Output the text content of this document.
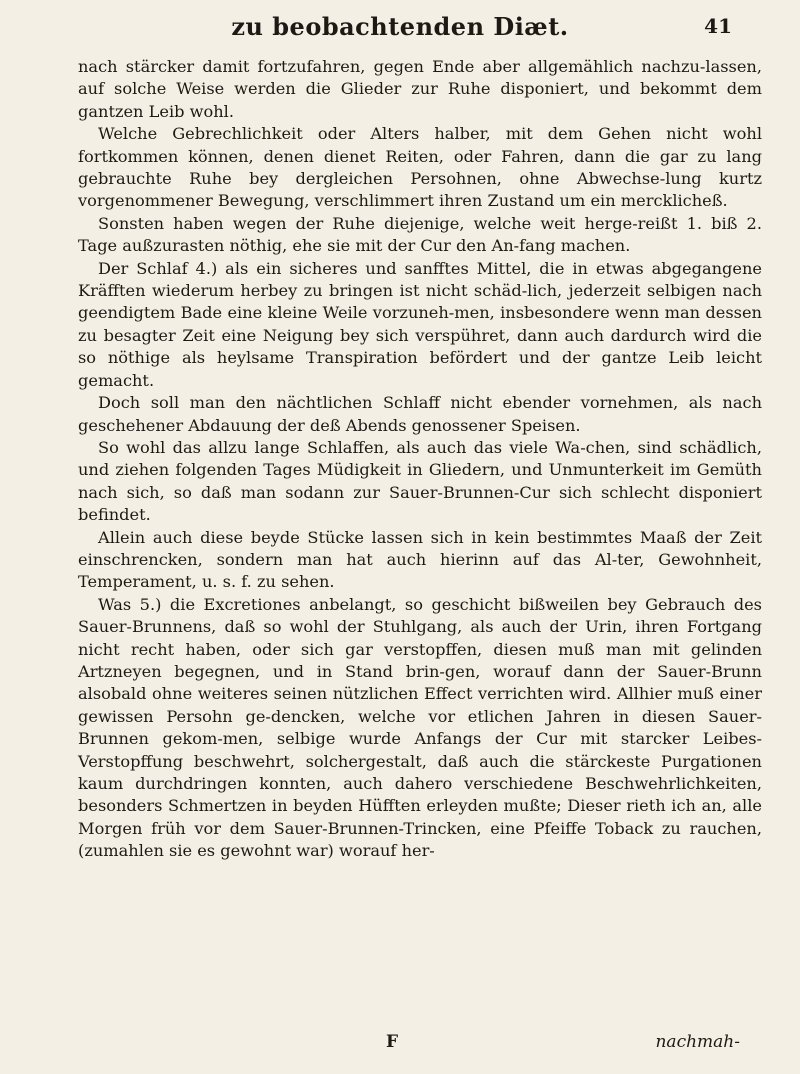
zu beobachtenden Diæt.	41

nach stärcker damit fortzufahren, gegen Ende aber allgemählich nachzu-lassen, auf solche Weise werden die Glieder zur Ruhe disponiert, und bekommt dem gantzen Leib wohl.

Welche Gebrechlichkeit oder Alters halber, mit dem Gehen nicht wohl fortkommen können, denen dienet Reiten, oder Fahren, dann die gar zu lang gebrauchte Ruhe bey dergleichen Persohnen, ohne Abwechse-lung kurtz vorgenommener Bewegung, verschlimmert ihren Zustand um ein mercklicheß.

Sonsten haben wegen der Ruhe diejenige, welche weit herge-reißt 1. biß 2. Tage außzurasten nöthig, ehe sie mit der Cur den An-fang machen.

Der Schlaf 4.) als ein sicheres und sanfftes Mittel, die in etwas abgegangene Kräfften wiederum herbey zu bringen ist nicht schäd-lich, jederzeit selbigen nach geendigtem Bade eine kleine Weile vorzuneh-men, insbesondere wenn man dessen zu besagter Zeit eine Neigung bey sich verspühret, dann auch dardurch wird die so nöthige als heylsame Transpiration befördert und der gantze Leib leicht gemacht.

Doch soll man den nächtlichen Schlaff nicht ebender vornehmen, als nach geschehener Abdauung der deß Abends genossener Speisen.

So wohl das allzu lange Schlaffen, als auch das viele Wa-chen, sind schädlich, und ziehen folgenden Tages Müdigkeit in Gliedern, und Unmunterkeit im Gemüth nach sich, so daß man sodann zur Sauer-Brunnen-Cur sich schlecht disponiert befindet.

Allein auch diese beyde Stücke lassen sich in kein bestimmtes Maaß der Zeit einschrencken, sondern man hat auch hierinn auf das Al-ter, Gewohnheit, Temperament, u. s. f. zu sehen.

Was 5.) die Excretiones anbelangt, so geschicht bißweilen bey Gebrauch des Sauer-Brunnens, daß so wohl der Stuhlgang, als auch der Urin, ihren Fortgang nicht recht haben, oder sich gar verstopffen, diesen muß man mit gelinden Artzneyen begegnen, und in Stand brin-gen, worauf dann der Sauer-Brunn alsobald ohne weiteres seinen nützlichen Effect verrichten wird. Allhier muß einer gewissen Persohn ge-dencken, welche vor etlichen Jahren in diesen Sauer-Brunnen gekom-men, selbige wurde Anfangs der Cur mit starcker Leibes-Verstopffung beschwehrt, solchergestalt, daß auch die stärckeste Purgationen kaum durchdringen konnten, auch dahero verschiedene Beschwehrlichkeiten, besonders Schmertzen in beyden Hüfften erleyden mußte; Dieser rieth ich an, alle Morgen früh vor dem Sauer-Brunnen-Trincken, eine Pfeiffe Toback zu rauchen, (zumahlen sie es gewohnt war) worauf her-

F	nachmah-
